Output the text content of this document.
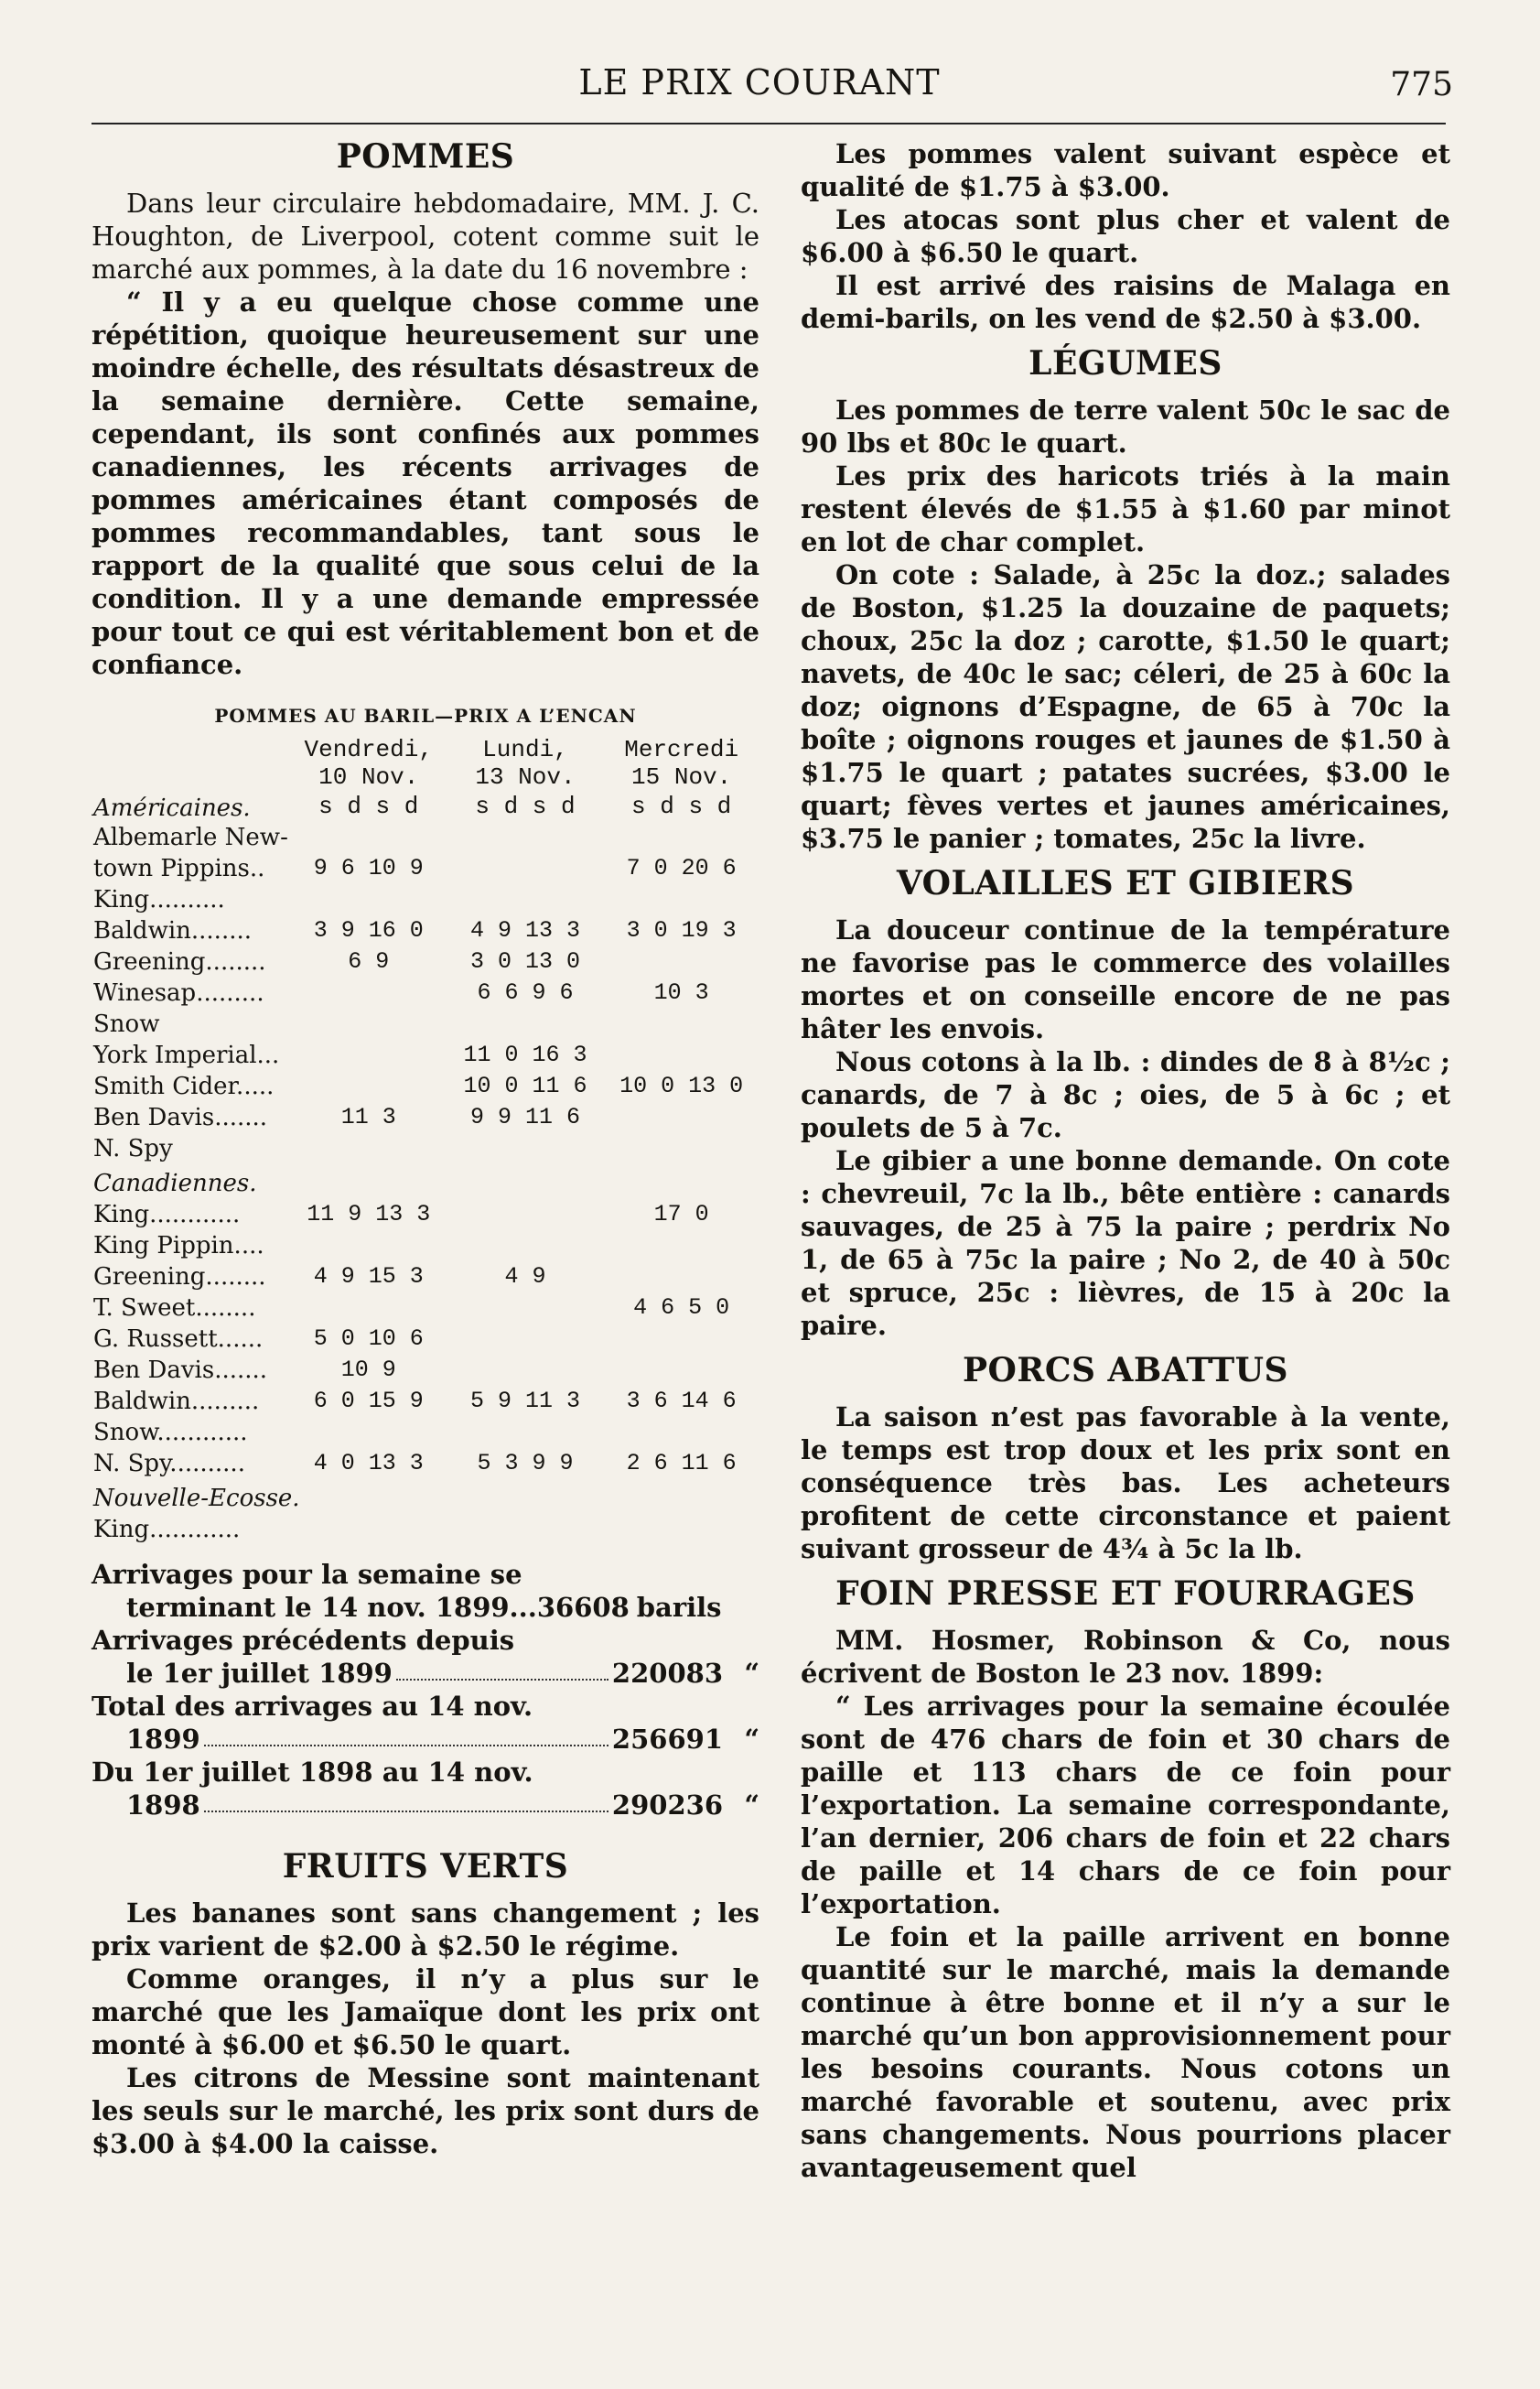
LE PRIX COURANT	775
POMMES

Dans leur circulaire hebdomadaire, MM. J. C. Houghton, de Liverpool, cotent comme suit le marché aux pommes, à la date du 16 novembre :

“ Il y a eu quelque chose comme une répétition, quoique heureusement sur une moindre échelle, des résultats désastreux de la semaine dernière. Cette semaine, cependant, ils sont confinés aux pommes canadiennes, les récents arrivages de pommes américaines étant composés de pommes recommandables, tant sous le rapport de la qualité que sous celui de la condition. Il y a une demande empressée pour tout ce qui est véritablement bon et de confiance.

POMMES AU BARIL—PRIX A L’ENCAN
	Vendredi,	Lundi,	Mercredi
	10 Nov.	13 Nov.	15 Nov.
Américaines.	s d s d	s d s d	s d s d
Albemarle New-			
town Pippins..	9 6 10 9		7 0 20 6
King..........			
Baldwin........	3 9 16 0	4 9 13 3	3 0 19 3
Greening........	6 9	3 0 13 0	
Winesap.........		6 6 9 6	10 3
Snow			
York Imperial...		11 0 16 3	
Smith Cider.....		10 0 11 6	10 0 13 0
Ben Davis.......	11 3	9 9 11 6	
N. Spy			
Canadiennes.			
King............	11 9 13 3		17 0
King Pippin....			
Greening........	4 9 15 3	4 9	
T. Sweet........			4 6 5 0
G. Russett......	5 0 10 6		
Ben Davis.......	10 9		
Baldwin.........	6 0 15 9	5 9 11 3	3 6 14 6
Snow............			
N. Spy..........	4 0 13 3	5 3 9 9	2 6 11 6
Nouvelle-Ecosse.			
King............			
Arrivages pour la semaine se
terminant le 14 nov. 1899... 36608 barils
Arrivages précédents depuis
le 1er juillet 1899	220083 “
Total des arrivages au 14 nov.
1899	256691 “
Du 1er juillet 1898 au 14 nov.
1898	290236 “
FRUITS VERTS

Les bananes sont sans changement ; les prix varient de $2.00 à $2.50 le régime.

Comme oranges, il n’y a plus sur le marché que les Jamaïque dont les prix ont monté à $6.00 et $6.50 le quart.

Les citrons de Messine sont maintenant les seuls sur le marché, les prix sont durs de $3.00 à $4.00 la caisse.

Les pommes valent suivant espèce et qualité de $1.75 à $3.00.

Les atocas sont plus cher et valent de $6.00 à $6.50 le quart.

Il est arrivé des raisins de Malaga en demi-barils, on les vend de $2.50 à $3.00.

LÉGUMES

Les pommes de terre valent 50c le sac de 90 lbs et 80c le quart.

Les prix des haricots triés à la main restent élevés de $1.55 à $1.60 par minot en lot de char complet.

On cote : Salade, à 25c la doz.; salades de Boston, $1.25 la douzaine de paquets; choux, 25c la doz ; carotte, $1.50 le quart; navets, de 40c le sac; céleri, de 25 à 60c la doz; oignons d’Espagne, de 65 à 70c la boîte ; oignons rouges et jaunes de $1.50 à $1.75 le quart ; patates sucrées, $3.00 le quart; fèves vertes et jaunes américaines, $3.75 le panier ; tomates, 25c la livre.

VOLAILLES ET GIBIERS

La douceur continue de la température ne favorise pas le commerce des volailles mortes et on conseille encore de ne pas hâter les envois.

Nous cotons à la lb. : dindes de 8 à 8½c ; canards, de 7 à 8c ; oies, de 5 à 6c ; et poulets de 5 à 7c.

Le gibier a une bonne demande. On cote : chevreuil, 7c la lb., bête entière : canards sauvages, de 25 à 75 la paire ; perdrix No 1, de 65 à 75c la paire ; No 2, de 40 à 50c et spruce, 25c : lièvres, de 15 à 20c la paire.

PORCS ABATTUS

La saison n’est pas favorable à la vente, le temps est trop doux et les prix sont en conséquence très bas. Les acheteurs profitent de cette circonstance et paient suivant grosseur de 4¾ à 5c la lb.

FOIN PRESSE ET FOURRAGES

MM. Hosmer, Robinson & Co, nous écrivent de Boston le 23 nov. 1899:

“ Les arrivages pour la semaine écoulée sont de 476 chars de foin et 30 chars de paille et 113 chars de ce foin pour l’exportation. La semaine correspondante, l’an dernier, 206 chars de foin et 22 chars de paille et 14 chars de ce foin pour l’exportation.

Le foin et la paille arrivent en bonne quantité sur le marché, mais la demande continue à être bonne et il n’y a sur le marché qu’un bon approvisionnement pour les besoins courants. Nous cotons un marché favorable et soutenu, avec prix sans changements. Nous pourrions placer avantageusement quel
